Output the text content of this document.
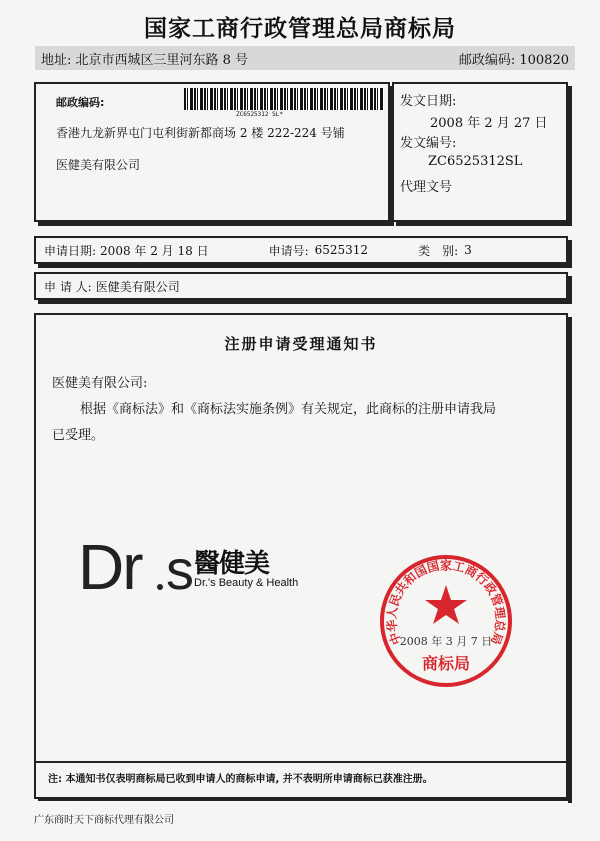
国家工商行政管理总局商标局
地址: 北京市西城区三里河东路 8 号	邮政编码: 100820
邮政编码:
ZC6525312 SL*
香港九龙新界屯门屯利街新都商场 2 楼 222-224 号铺
医健美有限公司
发文日期:
2008 年 2 月 27 日
发文编号:
ZC6525312SL
代理文号
申请日期: 2008 年 2 月 18 日	申请号: 6525312	类　别: 3
申 请 人: 医健美有限公司
注册申请受理通知书
医健美有限公司:
根据《商标法》和《商标法实施条例》有关规定，此商标的注册申请我局
已受理。
Dr s 醫健美
Dr.'s Beauty & Health
中华人民共和国国家工商行政管理总局
2008 年 3 月 7 日
商标局
注: 本通知书仅表明商标局已收到申请人的商标申请, 并不表明所申请商标已获准注册。
广东商时天下商标代理有限公司
